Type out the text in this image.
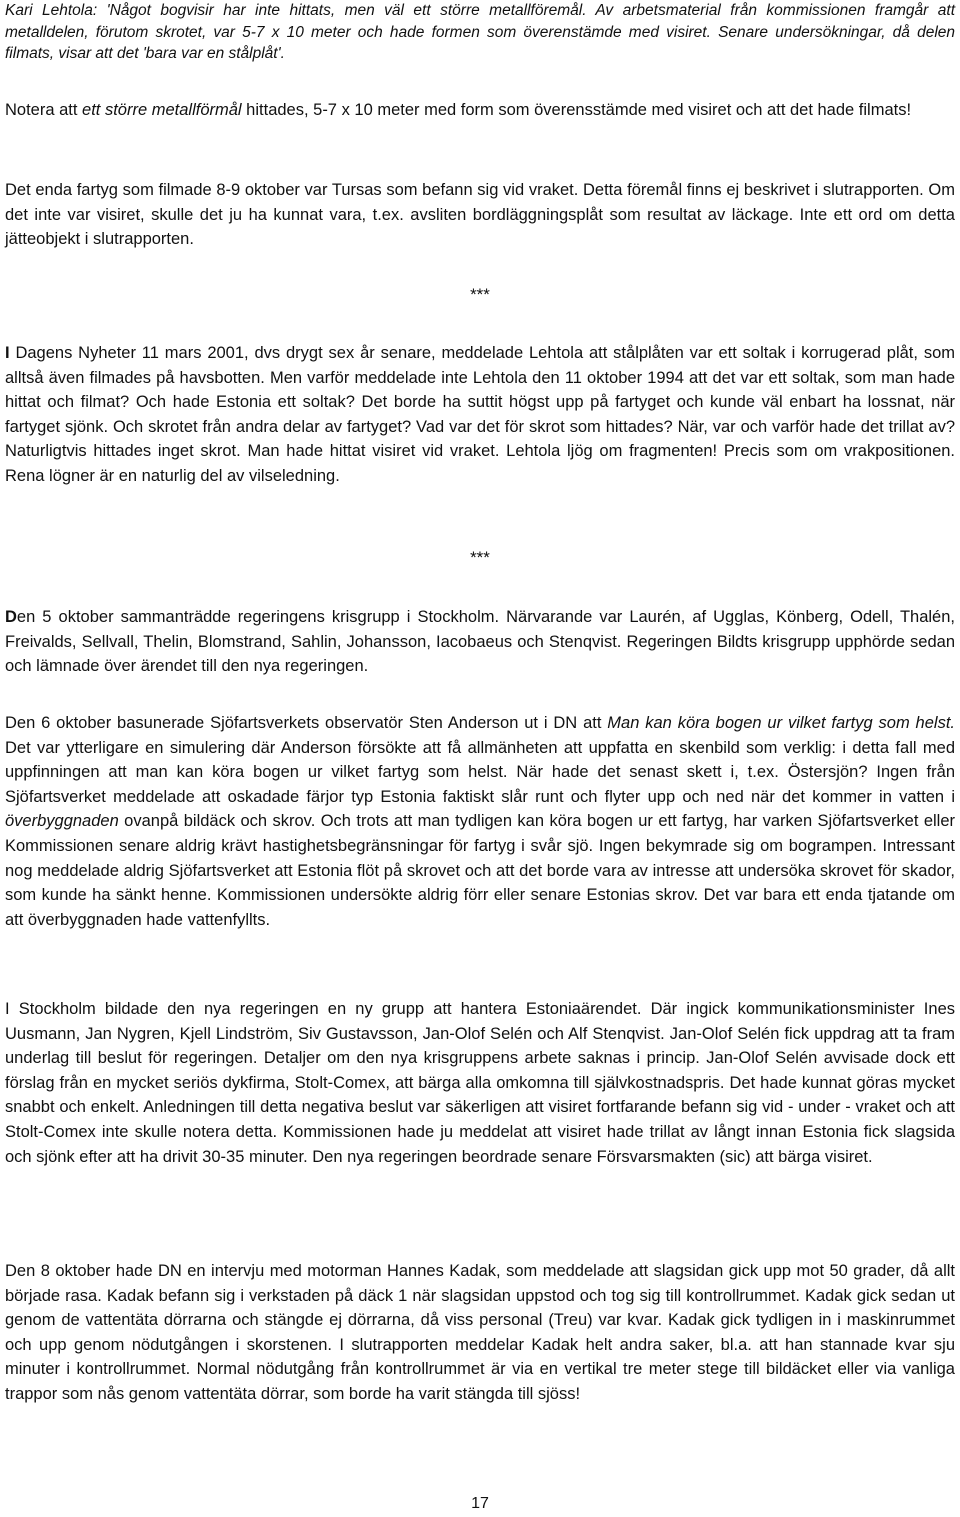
Kari Lehtola: 'Något bogvisir har inte hittats, men väl ett större metallföremål. Av arbetsmaterial från kommissionen framgår att metalldelen, förutom skrotet, var 5-7 x 10 meter och hade formen som överenstämde med visiret. Senare undersökningar, då delen filmats, visar att det 'bara var en stålplåt'.

Notera att ett större metallförmål hittades, 5-7 x 10 meter med form som överensstämde med visiret och att det hade filmats!

Det enda fartyg som filmade 8-9 oktober var Tursas som befann sig vid vraket. Detta föremål finns ej beskrivet i slutrapporten. Om det inte var visiret, skulle det ju ha kunnat vara, t.ex. avsliten bordläggningsplåt som resultat av läckage. Inte ett ord om detta jätteobjekt i slutrapporten.

***

I Dagens Nyheter 11 mars 2001, dvs drygt sex år senare, meddelade Lehtola att stålplåten var ett soltak i korrugerad plåt, som alltså även filmades på havsbotten. Men varför meddelade inte Lehtola den 11 oktober 1994 att det var ett soltak, som man hade hittat och filmat? Och hade Estonia ett soltak? Det borde ha suttit högst upp på fartyget och kunde väl enbart ha lossnat, när fartyget sjönk. Och skrotet från andra delar av fartyget? Vad var det för skrot som hittades? När, var och varför hade det trillat av? Naturligtvis hittades inget skrot. Man hade hittat visiret vid vraket. Lehtola ljög om fragmenten! Precis som om vrakpositionen. Rena lögner är en naturlig del av vilseledning.

***

Den 5 oktober sammanträdde regeringens krisgrupp i Stockholm. Närvarande var Laurén, af Ugglas, Könberg, Odell, Thalén, Freivalds, Sellvall, Thelin, Blomstrand, Sahlin, Johansson, Iacobaeus och Stenqvist. Regeringen Bildts krisgrupp upphörde sedan och lämnade över ärendet till den nya regeringen.

Den 6 oktober basunerade Sjöfartsverkets observatör Sten Anderson ut i DN att Man kan köra bogen ur vilket fartyg som helst. Det var ytterligare en simulering där Anderson försökte att få allmänheten att uppfatta en skenbild som verklig: i detta fall med uppfinningen att man kan köra bogen ur vilket fartyg som helst. När hade det senast skett i, t.ex. Östersjön? Ingen från Sjöfartsverket meddelade att oskadade färjor typ Estonia faktiskt slår runt och flyter upp och ned när det kommer in vatten i överbyggnaden ovanpå bildäck och skrov. Och trots att man tydligen kan köra bogen ur ett fartyg, har varken Sjöfartsverket eller Kommissionen senare aldrig krävt hastighetsbegränsningar för fartyg i svår sjö. Ingen bekymrade sig om bogrampen. Intressant nog meddelade aldrig Sjöfartsverket att Estonia flöt på skrovet och att det borde vara av intresse att undersöka skrovet för skador, som kunde ha sänkt henne. Kommissionen undersökte aldrig förr eller senare Estonias skrov. Det var bara ett enda tjatande om att överbyggnaden hade vattenfyllts.

I Stockholm bildade den nya regeringen en ny grupp att hantera Estoniaärendet. Där ingick kommunikationsminister Ines Uusmann, Jan Nygren, Kjell Lindström, Siv Gustavsson, Jan-Olof Selén och Alf Stenqvist. Jan-Olof Selén fick uppdrag att ta fram underlag till beslut för regeringen. Detaljer om den nya krisgruppens arbete saknas i princip. Jan-Olof Selén avvisade dock ett förslag från en mycket seriös dykfirma, Stolt-Comex, att bärga alla omkomna till självkostnadspris. Det hade kunnat göras mycket snabbt och enkelt. Anledningen till detta negativa beslut var säkerligen att visiret fortfarande befann sig vid - under - vraket och att Stolt-Comex inte skulle notera detta. Kommissionen hade ju meddelat att visiret hade trillat av långt innan Estonia fick slagsida och sjönk efter att ha drivit 30-35 minuter. Den nya regeringen beordrade senare Försvarsmakten (sic) att bärga visiret.

Den 8 oktober hade DN en intervju med motorman Hannes Kadak, som meddelade att slagsidan gick upp mot 50 grader, då allt började rasa. Kadak befann sig i verkstaden på däck 1 när slagsidan uppstod och tog sig till kontrollrummet. Kadak gick sedan ut genom de vattentäta dörrarna och stängde ej dörrarna, då viss personal (Treu) var kvar. Kadak gick tydligen in i maskinrummet och upp genom nödutgången i skorstenen. I slutrapporten meddelar Kadak helt andra saker, bl.a. att han stannade kvar sju minuter i kontrollrummet. Normal nödutgång från kontrollrummet är via en vertikal tre meter stege till bildäcket eller via vanliga trappor som nås genom vattentäta dörrar, som borde ha varit stängda till sjöss!

17
